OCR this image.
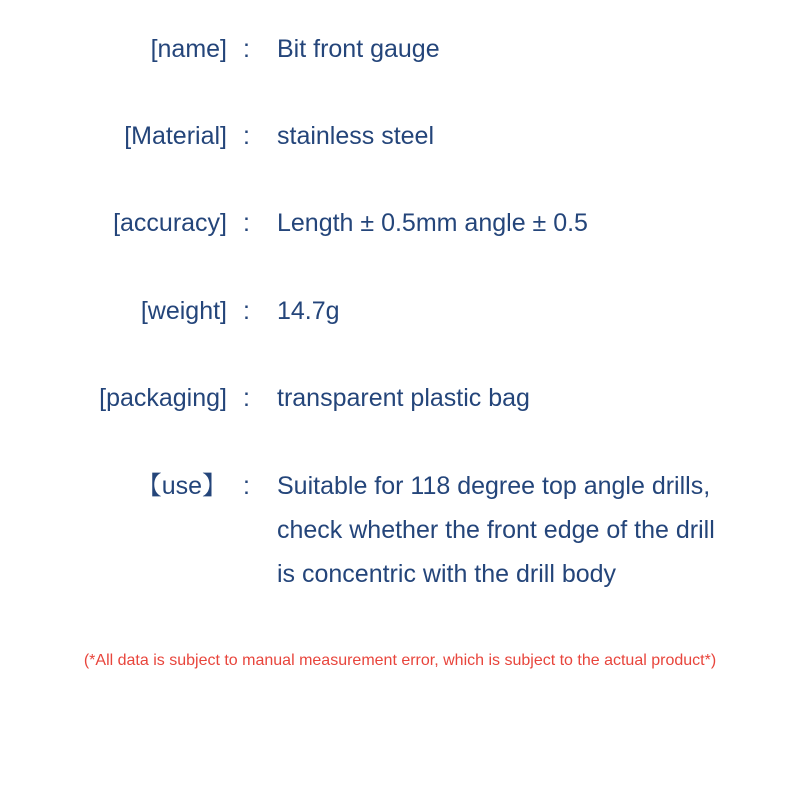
[name] : Bit front gauge
[Material] : stainless steel
[accuracy] : Length ± 0.5mm angle ± 0.5
[weight] : 14.7g
[packaging] : transparent plastic bag
【use】 : Suitable for 118 degree top angle drills,
check whether the front edge of the drill
is concentric with the drill body
(*All data is subject to manual measurement error, which is subject to the actual product*)
